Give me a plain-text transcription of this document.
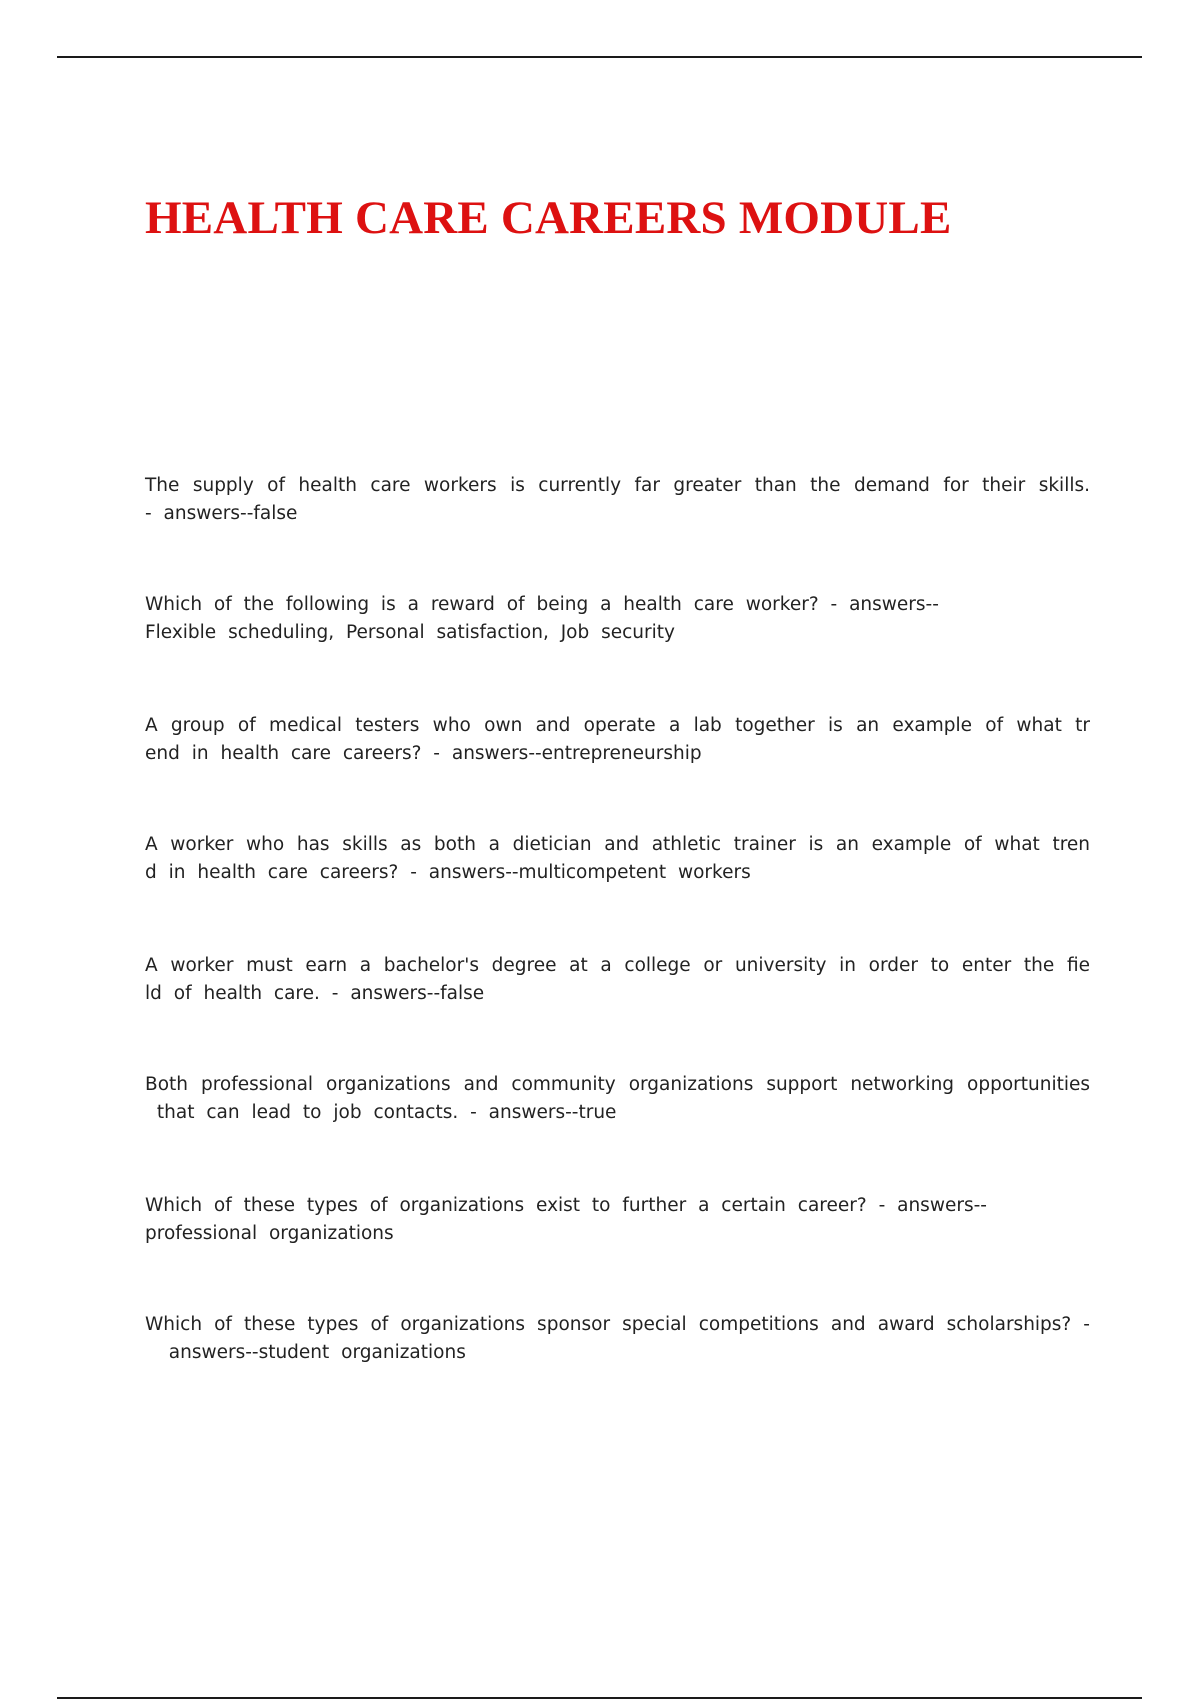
HEALTH CARE CAREERS MODULE
The supply of health care workers is currently far greater than the demand for their skills.
- answers--false
Which of the following is a reward of being a health care worker? - answers--
Flexible scheduling, Personal satisfaction, Job security
A group of medical testers who own and operate a lab together is an example of what tr
end in health care careers? - answers--entrepreneurship
A worker who has skills as both a dietician and athletic trainer is an example of what tren
d in health care careers? - answers--multicompetent workers
A worker must earn a bachelor's degree at a college or university in order to enter the fie
ld of health care. - answers--false
Both professional organizations and community organizations support networking opportunities
that can lead to job contacts. - answers--true
Which of these types of organizations exist to further a certain career? - answers--
professional organizations
Which of these types of organizations sponsor special competitions and award scholarships? -
answers--student organizations
